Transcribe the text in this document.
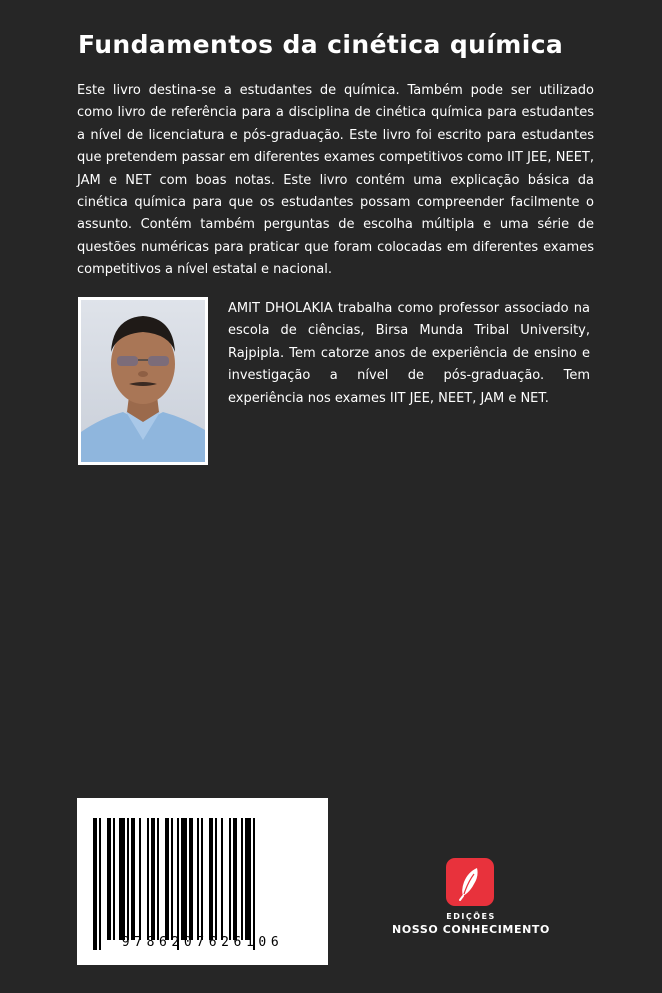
Fundamentos da cinética química
Este livro destina-se a estudantes de química. Também pode ser utilizado como livro de referência para a disciplina de cinética química para estudantes a nível de licenciatura e pós-graduação. Este livro foi escrito para estudantes que pretendem passar em diferentes exames competitivos como IIT JEE, NEET, JAM e NET com boas notas. Este livro contém uma explicação básica da cinética química para que os estudantes possam compreender facilmente o assunto. Contém também perguntas de escolha múltipla e uma série de questões numéricas para praticar que foram colocadas em diferentes exames competitivos a nível estatal e nacional.
AMIT DHOLAKIA trabalha como professor associado na escola de ciências, Birsa Munda Tribal University, Rajpipla. Tem catorze anos de experiência de ensino e investigação a nível de pós-graduação. Tem experiência nos exames IIT JEE, NEET, JAM e NET.
9786207626106
EDIÇÕES
NOSSO CONHECIMENTO
